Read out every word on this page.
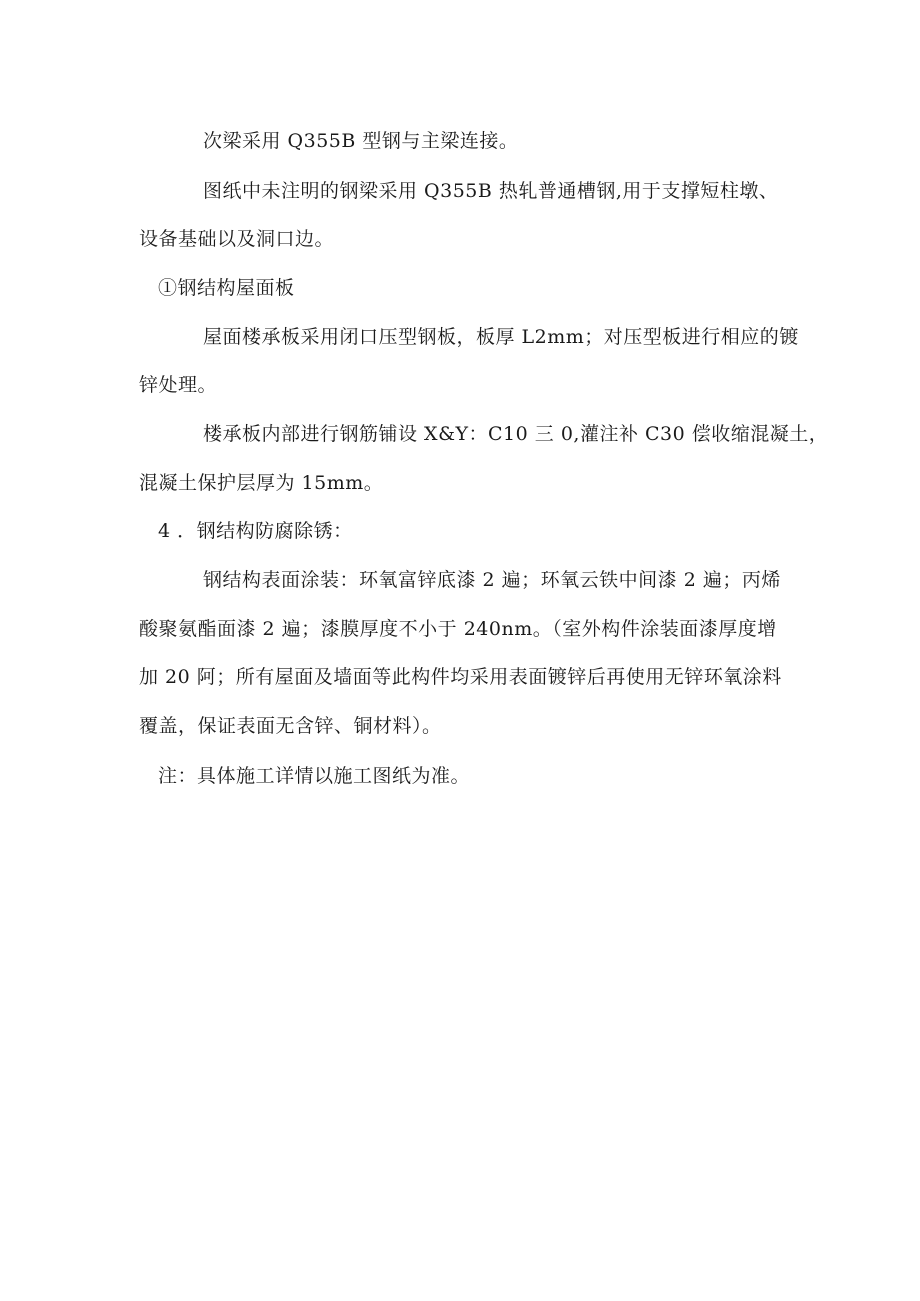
次梁采用 Q355B 型钢与主梁连接。
图纸中未注明的钢梁采用 Q355B 热轧普通槽钢,用于支撑短柱墩、
设备基础以及洞口边。
①钢结构屋面板
屋面楼承板采用闭口压型钢板，板厚 L2mm；对压型板进行相应的镀
锌处理。
楼承板内部进行钢筋铺设 X&Y：C10 三 0,灌注补 C30 偿收缩混凝土，
混凝土保护层厚为 15mm。
4 ．钢结构防腐除锈：
钢结构表面涂装：环氧富锌底漆 2 遍；环氧云铁中间漆 2 遍；丙烯
酸聚氨酯面漆 2 遍；漆膜厚度不小于 240nm。（室外构件涂装面漆厚度增
加 20 阿；所有屋面及墙面等此构件均采用表面镀锌后再使用无锌环氧涂料
覆盖，保证表面无含锌、铜材料）。
注：具体施工详情以施工图纸为准。
